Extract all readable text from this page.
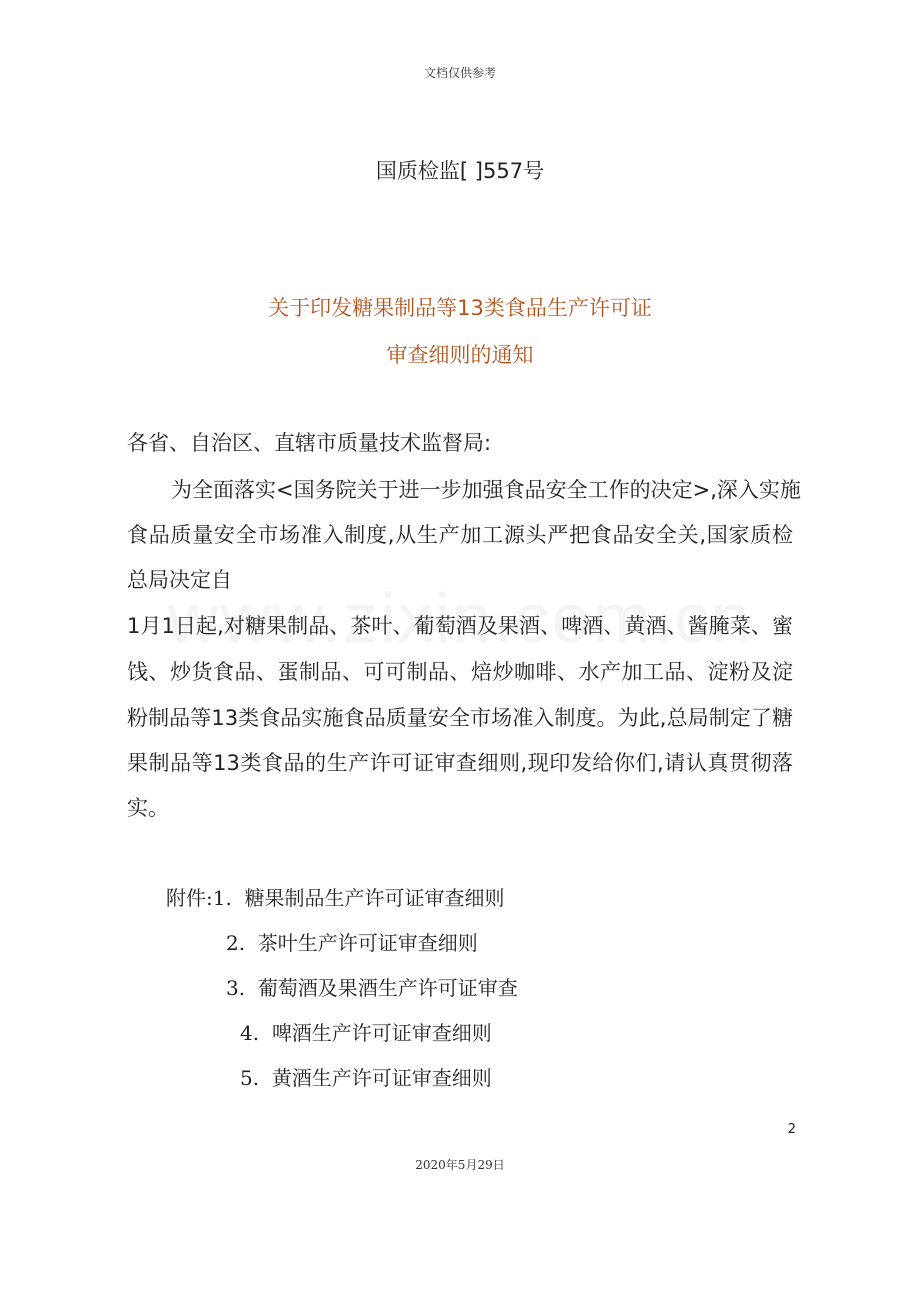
文档仅供参考
国质检监[ ]557号
关于印发糖果制品等13类食品生产许可证
审查细则的通知
各省、自治区、直辖市质量技术监督局:
为全面落实<国务院关于进一步加强食品安全工作的决定>,深入实施
食品质量安全市场准入制度,从生产加工源头严把食品安全关,国家质检
总局决定自
1月1日起,对糖果制品、茶叶、葡萄酒及果酒、啤酒、黄酒、酱腌菜、蜜
饯、炒货食品、蛋制品、可可制品、焙炒咖啡、水产加工品、淀粉及淀
粉制品等13类食品实施食品质量安全市场准入制度。为此,总局制定了糖
果制品等13类食品的生产许可证审查细则,现印发给你们,请认真贯彻落
实。
附件:1. 糖果制品生产许可证审查细则
2. 茶叶生产许可证审查细则
3. 葡萄酒及果酒生产许可证审查
4. 啤酒生产许可证审查细则
5. 黄酒生产许可证审查细则
2
2020年5月29日
